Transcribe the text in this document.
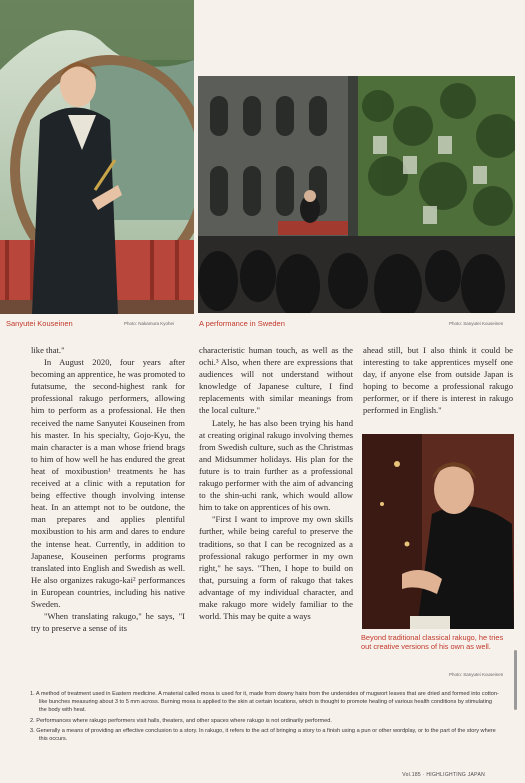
Sanyutei Kouseinen	Photo: Nakamura Kyohei	A performance in Sweden	Photo: Sanyutei Kouseinen

like that."

In August 2020, four years after becoming an apprentice, he was promoted to futatsume, the second-highest rank for professional rakugo performers, allowing him to perform as a professional. He then received the name Sanyutei Kouseinen from his master. In his specialty, Gojo-Kyu, the main character is a man whose friend brags to him of how well he has endured the great heat of moxibustion¹ treatments he has received at a clinic with a reputation for being effective though involving intense heat. In an attempt not to be outdone, the man prepares and applies plentiful moxibustion to his arm and dares to endure the intense heat. Currently, in addition to Japanese, Kouseinen performs programs translated into English and Swedish as well. He also organizes rakugo-kai² performances in European countries, including his native Sweden.

"When translating rakugo," he says, "I try to preserve a sense of its

characteristic human touch, as well as the ochi.³ Also, when there are expressions that audiences will not understand without knowledge of Japanese culture, I find replacements with similar meanings from the local culture."

Lately, he has also been trying his hand at creating original rakugo involving themes from Swedish culture, such as the Christmas and Midsummer holidays. His plan for the future is to train further as a professional rakugo performer with the aim of advancing to the shin-uchi rank, which would allow him to take on apprentices of his own.

"First I want to improve my own skills further, while being careful to preserve the traditions, so that I can be recognized as a professional rakugo performer in my own right," he says. "Then, I hope to build on that, pursuing a form of rakugo that takes advantage of my individual character, and make rakugo more widely familiar to the world. This may be quite a ways

ahead still, but I also think it could be interesting to take apprentices myself one day, if anyone else from outside Japan is hoping to become a professional rakugo performer, or if there is interest in rakugo performed in English."

Beyond traditional classical rakugo, he tries out creative versions of his own as well.
Photo: Sanyutei Kouseinen

1. A method of treatment used in Eastern medicine. A material called moxa is used for it, made from downy hairs from the undersides of mugwort leaves that are dried and formed into cotton-like bunches measuring about 3 to 5 mm across. Burning moxa is applied to the skin at certain locations, which is thought to promote healing of various health conditions by stimulating the body with heat.

2. Performances where rakugo performers visit halls, theaters, and other spaces where rakugo is not ordinarily performed.

3. Generally a means of providing an effective conclusion to a story. In rakugo, it refers to the act of bringing a story to a finish using a pun or other wordplay, or to the part of the story where this occurs.

Vol.185 · HIGHLIGHTING JAPAN
